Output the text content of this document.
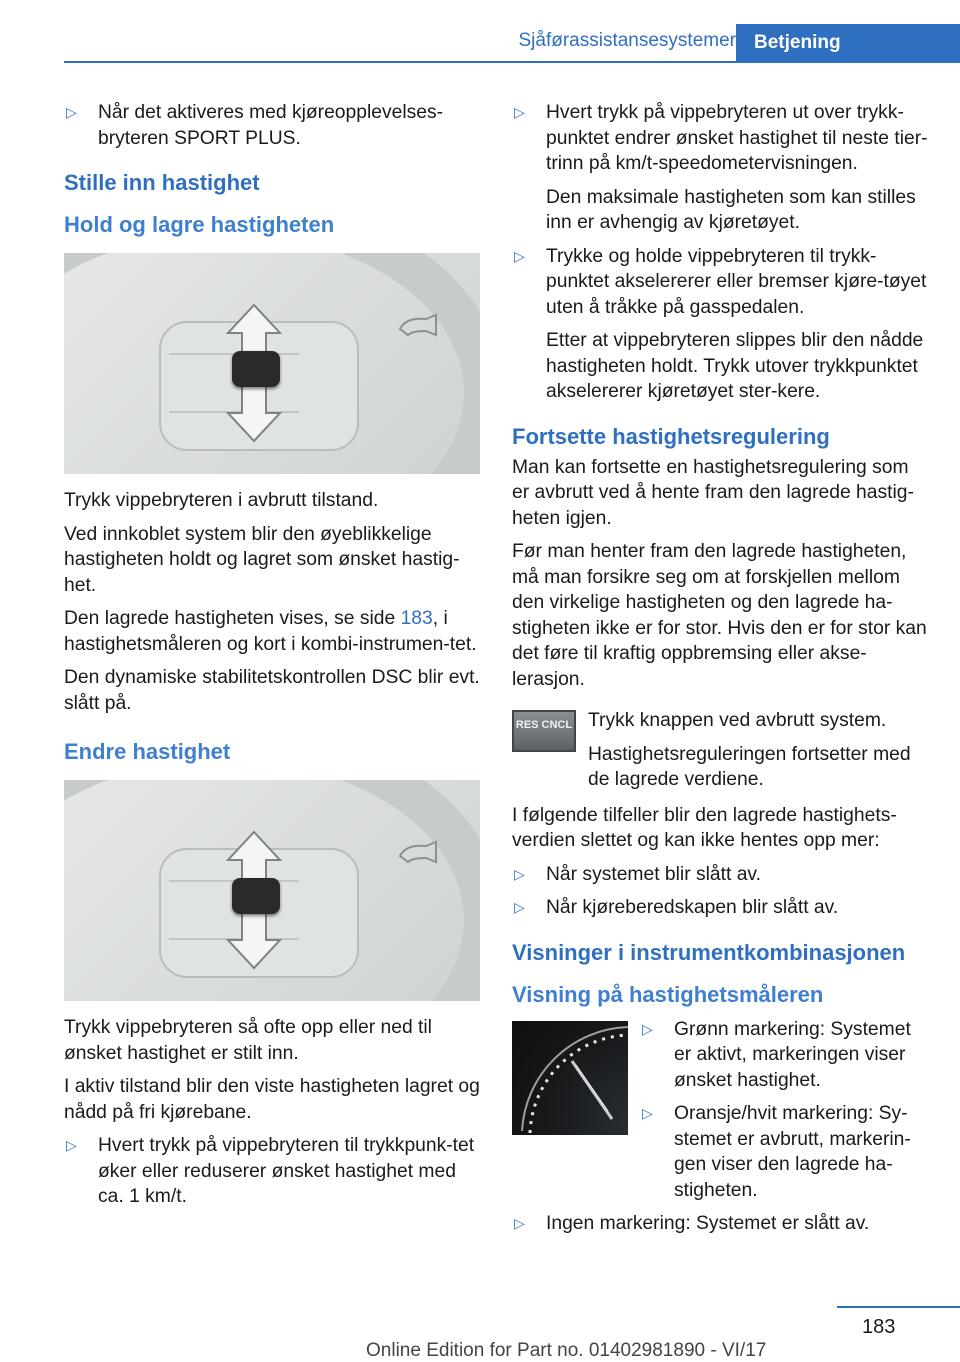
Sjåførassistansesystemer Betjening
▷ Når det aktiveres med kjøreopplevelses-bryteren SPORT PLUS.
Stille inn hastighet
Hold og lagre hastigheten

Trykk vippebryteren i avbrutt tilstand.

Ved innkoblet system blir den øyeblikkelige hastigheten holdt og lagret som ønsket hastig-het.

Den lagrede hastigheten vises, se side 183, i hastighetsmåleren og kort i kombi-instrumen-tet.

Den dynamiske stabilitetskontrollen DSC blir evt. slått på.

Endre hastighet

Trykk vippebryteren så ofte opp eller ned til ønsket hastighet er stilt inn.

I aktiv tilstand blir den viste hastigheten lagret og nådd på fri kjørebane.

▷ Hvert trykk på vippebryteren til trykkpunk-tet øker eller reduserer ønsket hastighet med ca. 1 km/t.
▷ Hvert trykk på vippebryteren ut over trykk-punktet endrer ønsket hastighet til neste tier-trinn på km/t-speedometervisningen.
Den maksimale hastigheten som kan stilles inn er avhengig av kjøretøyet.
▷ Trykke og holde vippebryteren til trykk-punktet akselererer eller bremser kjøre-tøyet uten å tråkke på gasspedalen.
Etter at vippebryteren slippes blir den nådde hastigheten holdt. Trykk utover trykkpunktet akselererer kjøretøyet ster-kere.
Fortsette hastighetsregulering

Man kan fortsette en hastighetsregulering som er avbrutt ved å hente fram den lagrede hastig-heten igjen.

Før man henter fram den lagrede hastigheten, må man forsikre seg om at forskjellen mellom den virkelige hastigheten og den lagrede ha-stigheten ikke er for stor. Hvis den er for stor kan det føre til kraftig oppbremsing eller akse-lerasjon.

RES CNCL Trykk knappen ved avbrutt system.

Hastighetsreguleringen fortsetter med de lagrede verdiene.

I følgende tilfeller blir den lagrede hastighets-verdien slettet og kan ikke hentes opp mer:

▷ Når systemet blir slått av.
▷ Når kjøreberedskapen blir slått av.
Visninger i instrumentkombinasjonen
Visning på hastighetsmåleren
▷ Grønn markering: Systemet er aktivt, markeringen viser ønsket hastighet.
▷ Oransje/hvit markering: Sy-stemet er avbrutt, markerin-gen viser den lagrede ha-stigheten.
▷ Ingen markering: Systemet er slått av.
183
Online Edition for Part no. 01402981890 - VI/17
